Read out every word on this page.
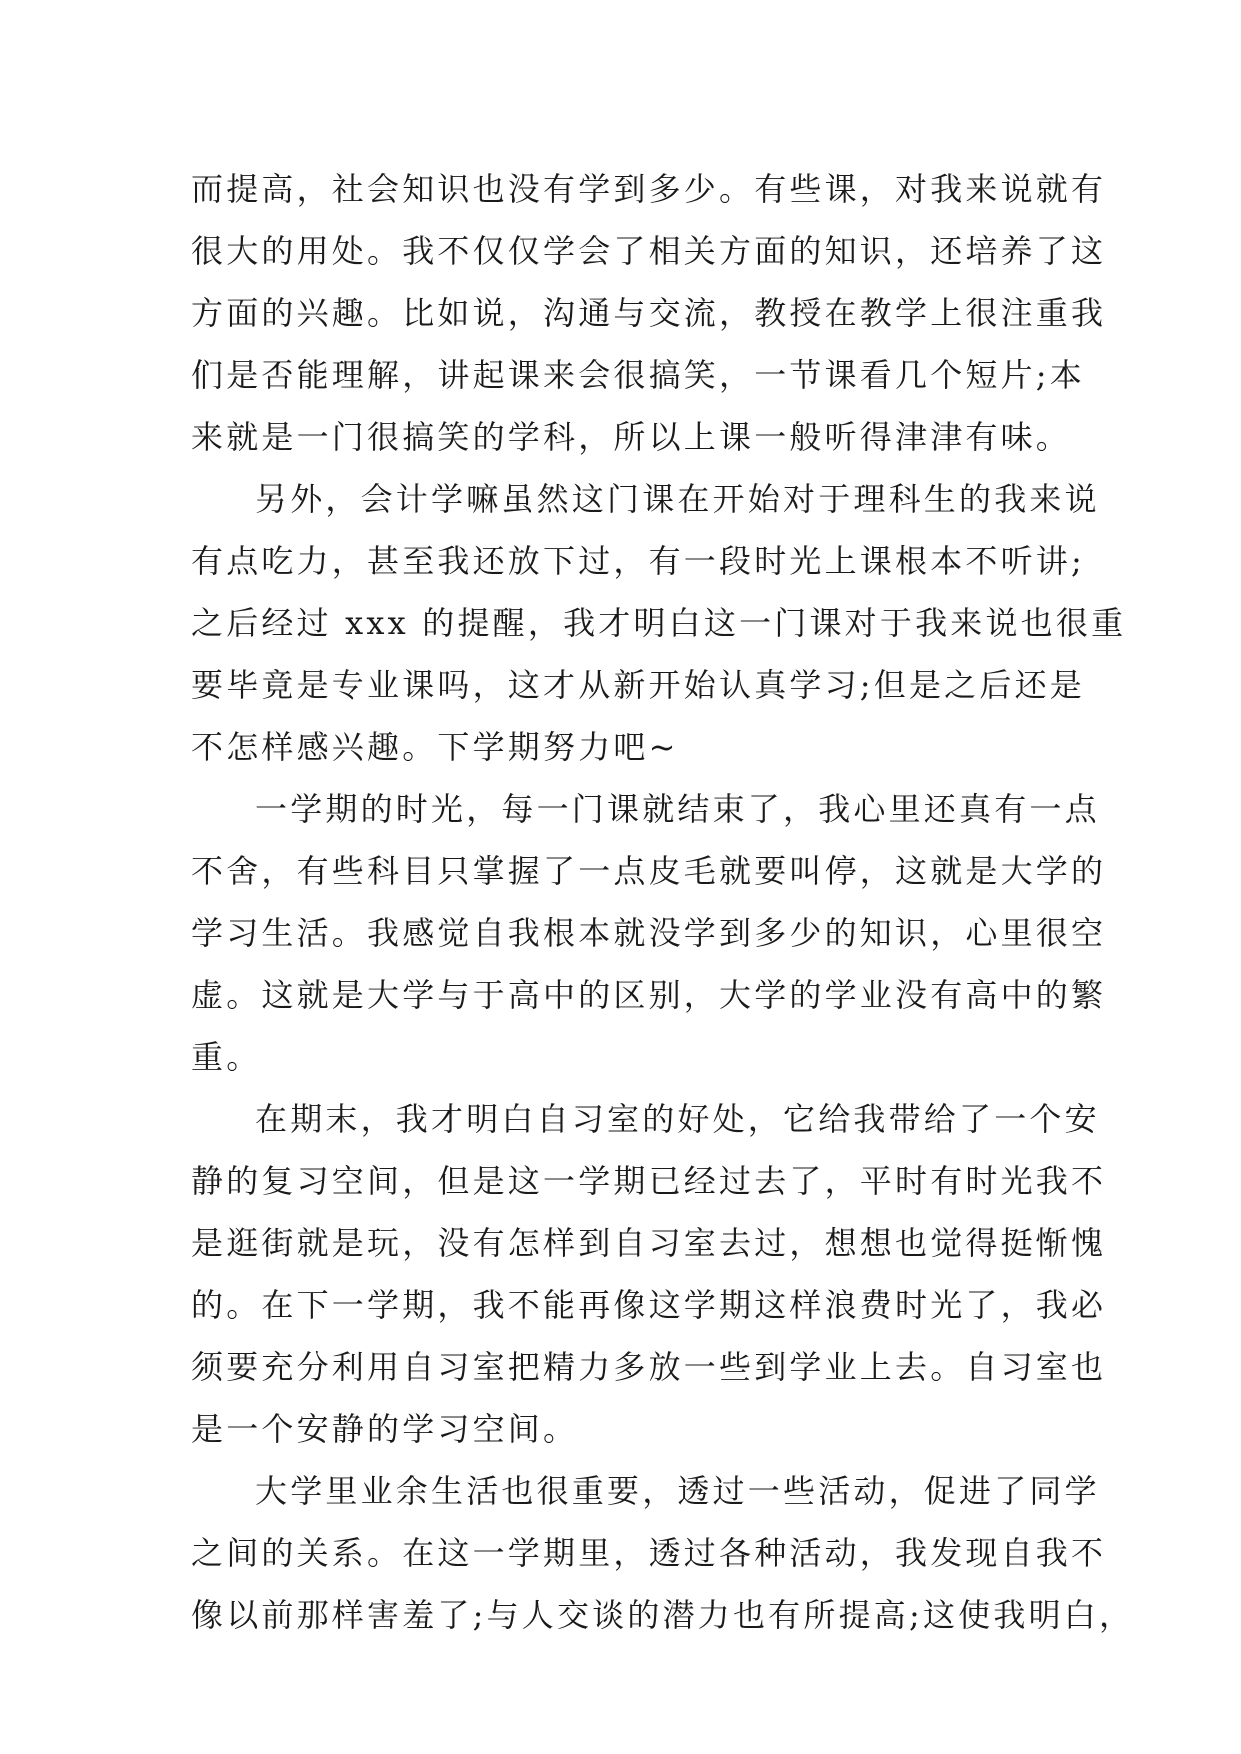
而提高，社会知识也没有学到多少。有些课，对我来说就有
很大的用处。我不仅仅学会了相关方面的知识，还培养了这
方面的兴趣。比如说，沟通与交流，教授在教学上很注重我
们是否能理解，讲起课来会很搞笑，一节课看几个短片;本
来就是一门很搞笑的学科，所以上课一般听得津津有味。
另外，会计学嘛虽然这门课在开始对于理科生的我来说
有点吃力，甚至我还放下过，有一段时光上课根本不听讲;
之后经过 xxx 的提醒，我才明白这一门课对于我来说也很重
要毕竟是专业课吗，这才从新开始认真学习;但是之后还是
不怎样感兴趣。下学期努力吧~
一学期的时光，每一门课就结束了，我心里还真有一点
不舍，有些科目只掌握了一点皮毛就要叫停，这就是大学的
学习生活。我感觉自我根本就没学到多少的知识，心里很空
虚。这就是大学与于高中的区别，大学的学业没有高中的繁
重。
在期末，我才明白自习室的好处，它给我带给了一个安
静的复习空间，但是这一学期已经过去了，平时有时光我不
是逛街就是玩，没有怎样到自习室去过，想想也觉得挺惭愧
的。在下一学期，我不能再像这学期这样浪费时光了，我必
须要充分利用自习室把精力多放一些到学业上去。自习室也
是一个安静的学习空间。
大学里业余生活也很重要，透过一些活动，促进了同学
之间的关系。在这一学期里，透过各种活动，我发现自我不
像以前那样害羞了;与人交谈的潜力也有所提高;这使我明白，
